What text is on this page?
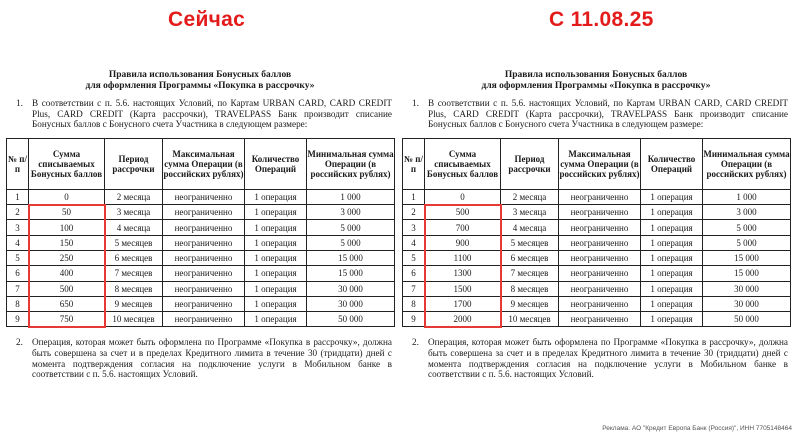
Сейчас	С 11.08.25
Правила использования Бонусных баллов
для оформления Программы «Покупка в рассрочку»
1. В соответствии с п. 5.6. настоящих Условий, по Картам URBAN CARD, CARD CREDIT Plus, CARD CREDIT (Карта рассрочки), TRAVELPASS Банк производит списание Бонусных баллов с Бонусного счета Участника в следующем размере:
№ п/п	Сумма списываемых Бонусных баллов	Период рассрочки	Максимальная сумма Операции (в российских рублях)	Количество Операций	Минимальная сумма Операции (в российских рублях)
1	0	2 месяца	неограниченно	1 операция	1 000
2	50	3 месяца	неограниченно	1 операция	3 000
3	100	4 месяца	неограниченно	1 операция	5 000
4	150	5 месяцев	неограниченно	1 операция	5 000
5	250	6 месяцев	неограниченно	1 операция	15 000
6	400	7 месяцев	неограниченно	1 операция	15 000
7	500	8 месяцев	неограниченно	1 операция	30 000
8	650	9 месяцев	неограниченно	1 операция	30 000
9	750	10 месяцев	неограниченно	1 операция	50 000
2. Операция, которая может быть оформлена по Программе «Покупка в рассрочку», должна быть совершена за счет и в пределах Кредитного лимита в течение 30 (тридцати) дней с момента подтверждения согласия на подключение услуги в Мобильном банке в соответствии с п. 5.6. настоящих Условий.
Правила использования Бонусных баллов
для оформления Программы «Покупка в рассрочку»
1. В соответствии с п. 5.6. настоящих Условий, по Картам URBAN CARD, CARD CREDIT Plus, CARD CREDIT (Карта рассрочки), TRAVELPASS Банк производит списание Бонусных баллов с Бонусного счета Участника в следующем размере:
№ п/п	Сумма списываемых Бонусных баллов	Период рассрочки	Максимальная сумма Операции (в российских рублях)	Количество Операций	Минимальная сумма Операции (в российских рублях)
1	0	2 месяца	неограниченно	1 операция	1 000
2	500	3 месяца	неограниченно	1 операция	3 000
3	700	4 месяца	неограниченно	1 операция	5 000
4	900	5 месяцев	неограниченно	1 операция	5 000
5	1100	6 месяцев	неограниченно	1 операция	15 000
6	1300	7 месяцев	неограниченно	1 операция	15 000
7	1500	8 месяцев	неограниченно	1 операция	30 000
8	1700	9 месяцев	неограниченно	1 операция	30 000
9	2000	10 месяцев	неограниченно	1 операция	50 000
2. Операция, которая может быть оформлена по Программе «Покупка в рассрочку», должна быть совершена за счет и в пределах Кредитного лимита в течение 30 (тридцати) дней с момента подтверждения согласия на подключение услуги в Мобильном банке в соответствии с п. 5.6. настоящих Условий.
Реклама. АО "Кредит Европа Банк (Россия)", ИНН 7705148464
